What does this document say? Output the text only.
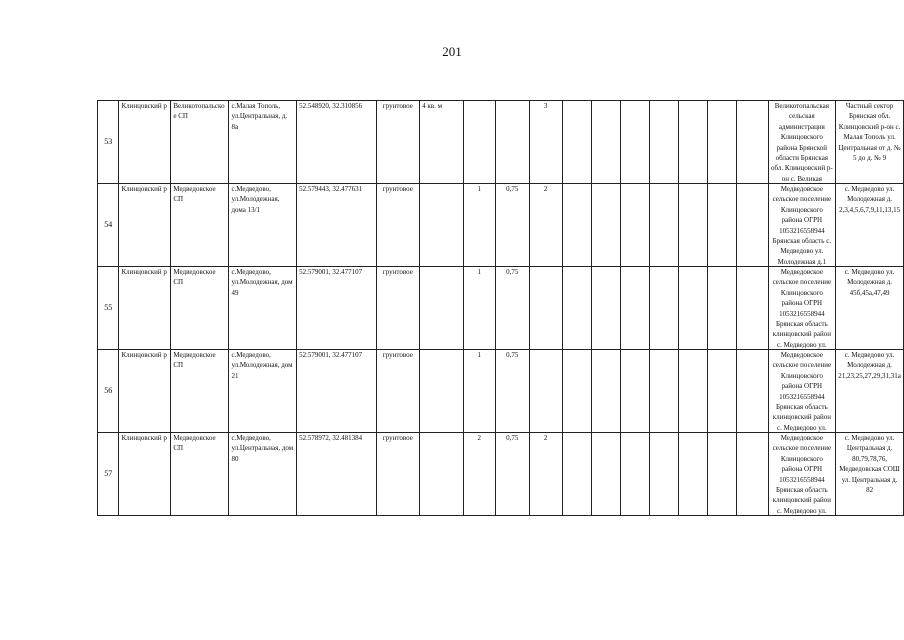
201
53	Клинцовский р	Великотопальско е СП	с.Малая Тополь, ул.Центральная, д. 8а	52.548920, 32.310856	грунтовое	4 кв. м			3								Великотопальская сельская администрация Клинцовского района Брянской области Брянская обл. Клинцовский р-он с. Великая	Частный сектор Брянская обл. Клинцовский р-он с. Малая Тополь ул. Центральная от д. № 5 до д. № 9

54	Клинцовский р	Медведовское СП	с.Медведово, ул.Молодежная, дома 13/1	52.579443, 32.477631	грунтовое		1	0,75	2								Медведовское сельское поселение Клинцовского района ОГРН 1053216558944 Брянская область с. Медведово ул. Молодежная д.1	с. Медведово ул. Молодежная д. 2,3,4,5,6,7,9,11,13,15

55	Клинцовский р	Медведовское СП	с.Медведово, ул.Молодежная, дом 49	52.579001, 32.477107	грунтовое		1	0,75									Медведовское сельское поселение Клинцовского района ОГРН 1053216558944 Брянская область клинцовский район с. Медведово ул.	с. Медведово ул. Молодежная д. 45б,45а,47,49

56	Клинцовский р	Медведовское СП	с.Медведово, ул.Молодежная, дом 21	52.579001, 32.477107	грунтовое		1	0,75									Медведовское сельское поселение Клинцовского района ОГРН 1053216558944 Брянская область клинцовский район с. Медведово ул.	с. Медведово ул. Молодежная д. 21,23,25,27,29,31,31а

57	Клинцовский р	Медведовское СП	с.Медведово, ул.Центральная, дом 80	52.578972, 32.481384	грунтовое		2	0,75	2								Медведовское сельское поселение Клинцовского района ОГРН 1053216558944 Брянская область клинцовский район с. Медведово ул.	с. Медведово ул. Центральная д. 80,79,78,76, Медведовская СОШ ул. Центральная д. 82
